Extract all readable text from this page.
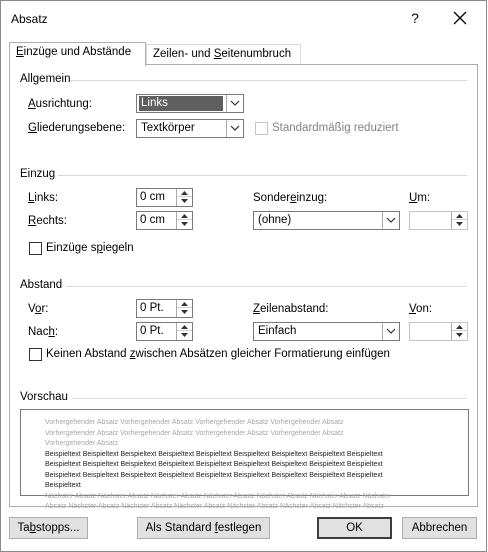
Absatz	?
Einzüge und Abstände	Zeilen- und Seitenumbruch
Allgemein
Ausrichtung:	Links
Gliederungsebene: Textkörper	Standardmäßig reduziert
Einzug
Links:	0 cm
Rechts:	0 cm
Sondereinzug:
(ohne)
Um:
Einzüge spiegeln
Abstand
Vor:	0 Pt.
Nach:	0 Pt.
Zeilenabstand:
Einfach
Von:
Keinen Abstand zwischen Absätzen gleicher Formatierung einfügen
Vorschau
Vorhergehender Absatz Vorhergehender Absatz Vorhergehender Absatz Vorhergehender Absatz
Vorhergehender Absatz Vorhergehender Absatz Vorhergehender Absatz Vorhergehender Absatz
Vorhergehender Absatz
Beispieltext Beispieltext Beispieltext Beispieltext Beispieltext Beispieltext Beispieltext Beispieltext Beispieltext
Beispieltext Beispieltext Beispieltext Beispieltext Beispieltext Beispieltext Beispieltext Beispieltext Beispieltext
Beispieltext Beispieltext Beispieltext Beispieltext Beispieltext Beispieltext Beispieltext Beispieltext Beispieltext
Beispieltext
Nächster Absatz Nächster Absatz Nächster Absatz Nächster Absatz Nächster Absatz Nächster Absatz Nächster
Absatz Nächster Absatz Nächster Absatz Nächster Absatz Nächster Absatz Nächster Absatz Nächster Absatz
Tabstopps...	Als Standard festlegen	OK	Abbrechen
